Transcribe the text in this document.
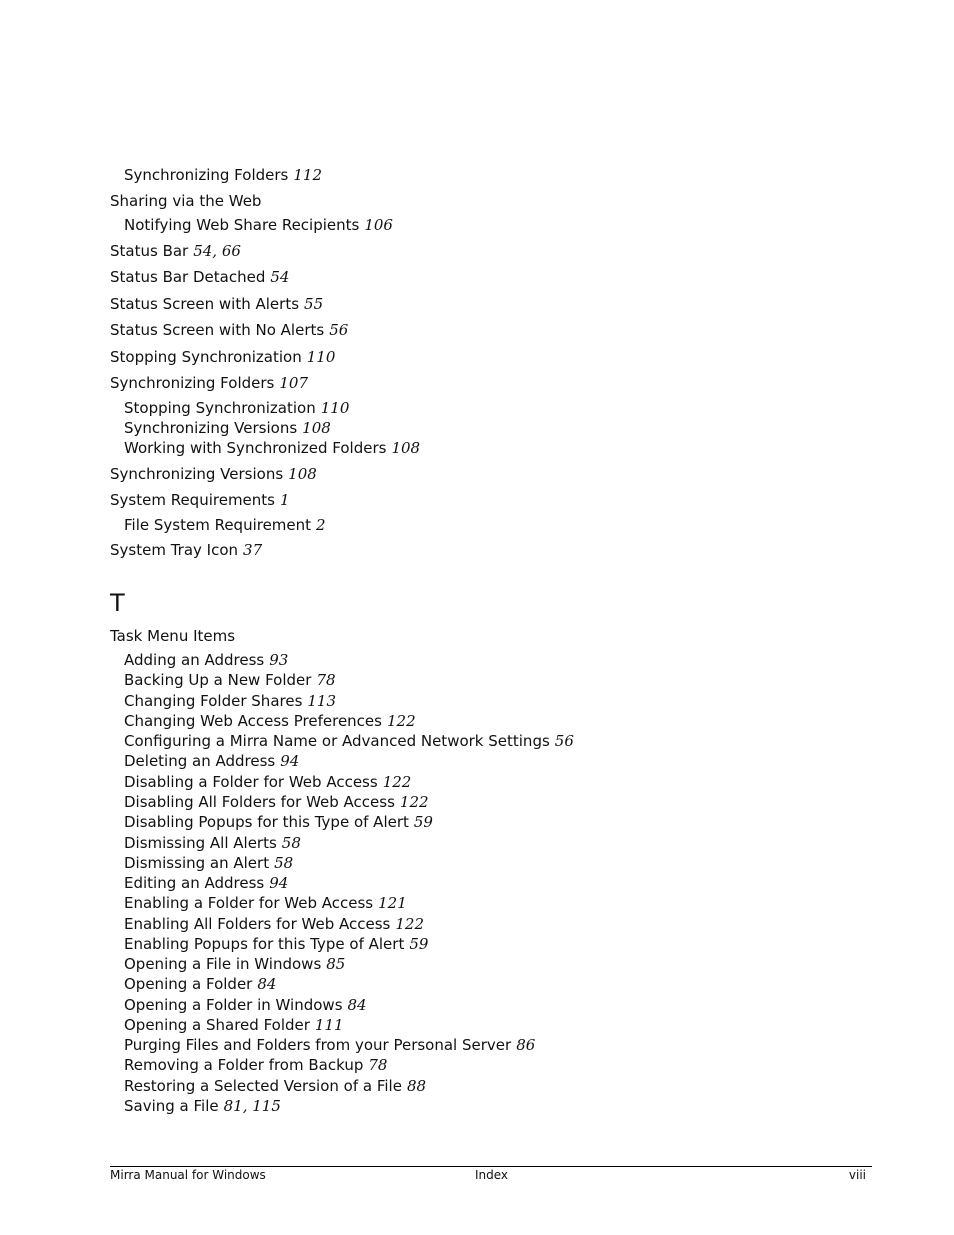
Synchronizing Folders 112
Sharing via the Web
Notifying Web Share Recipients 106
Status Bar 54, 66
Status Bar Detached 54
Status Screen with Alerts 55
Status Screen with No Alerts 56
Stopping Synchronization 110
Synchronizing Folders 107
Stopping Synchronization 110
Synchronizing Versions 108
Working with Synchronized Folders 108
Synchronizing Versions 108
System Requirements 1
File System Requirement 2
System Tray Icon 37
T
Task Menu Items
Adding an Address 93
Backing Up a New Folder 78
Changing Folder Shares 113
Changing Web Access Preferences 122
Configuring a Mirra Name or Advanced Network Settings 56
Deleting an Address 94
Disabling a Folder for Web Access 122
Disabling All Folders for Web Access 122
Disabling Popups for this Type of Alert 59
Dismissing All Alerts 58
Dismissing an Alert 58
Editing an Address 94
Enabling a Folder for Web Access 121
Enabling All Folders for Web Access 122
Enabling Popups for this Type of Alert 59
Opening a File in Windows 85
Opening a Folder 84
Opening a Folder in Windows 84
Opening a Shared Folder 111
Purging Files and Folders from your Personal Server 86
Removing a Folder from Backup 78
Restoring a Selected Version of a File 88
Saving a File 81, 115
Mirra Manual for Windows	Index	viii
